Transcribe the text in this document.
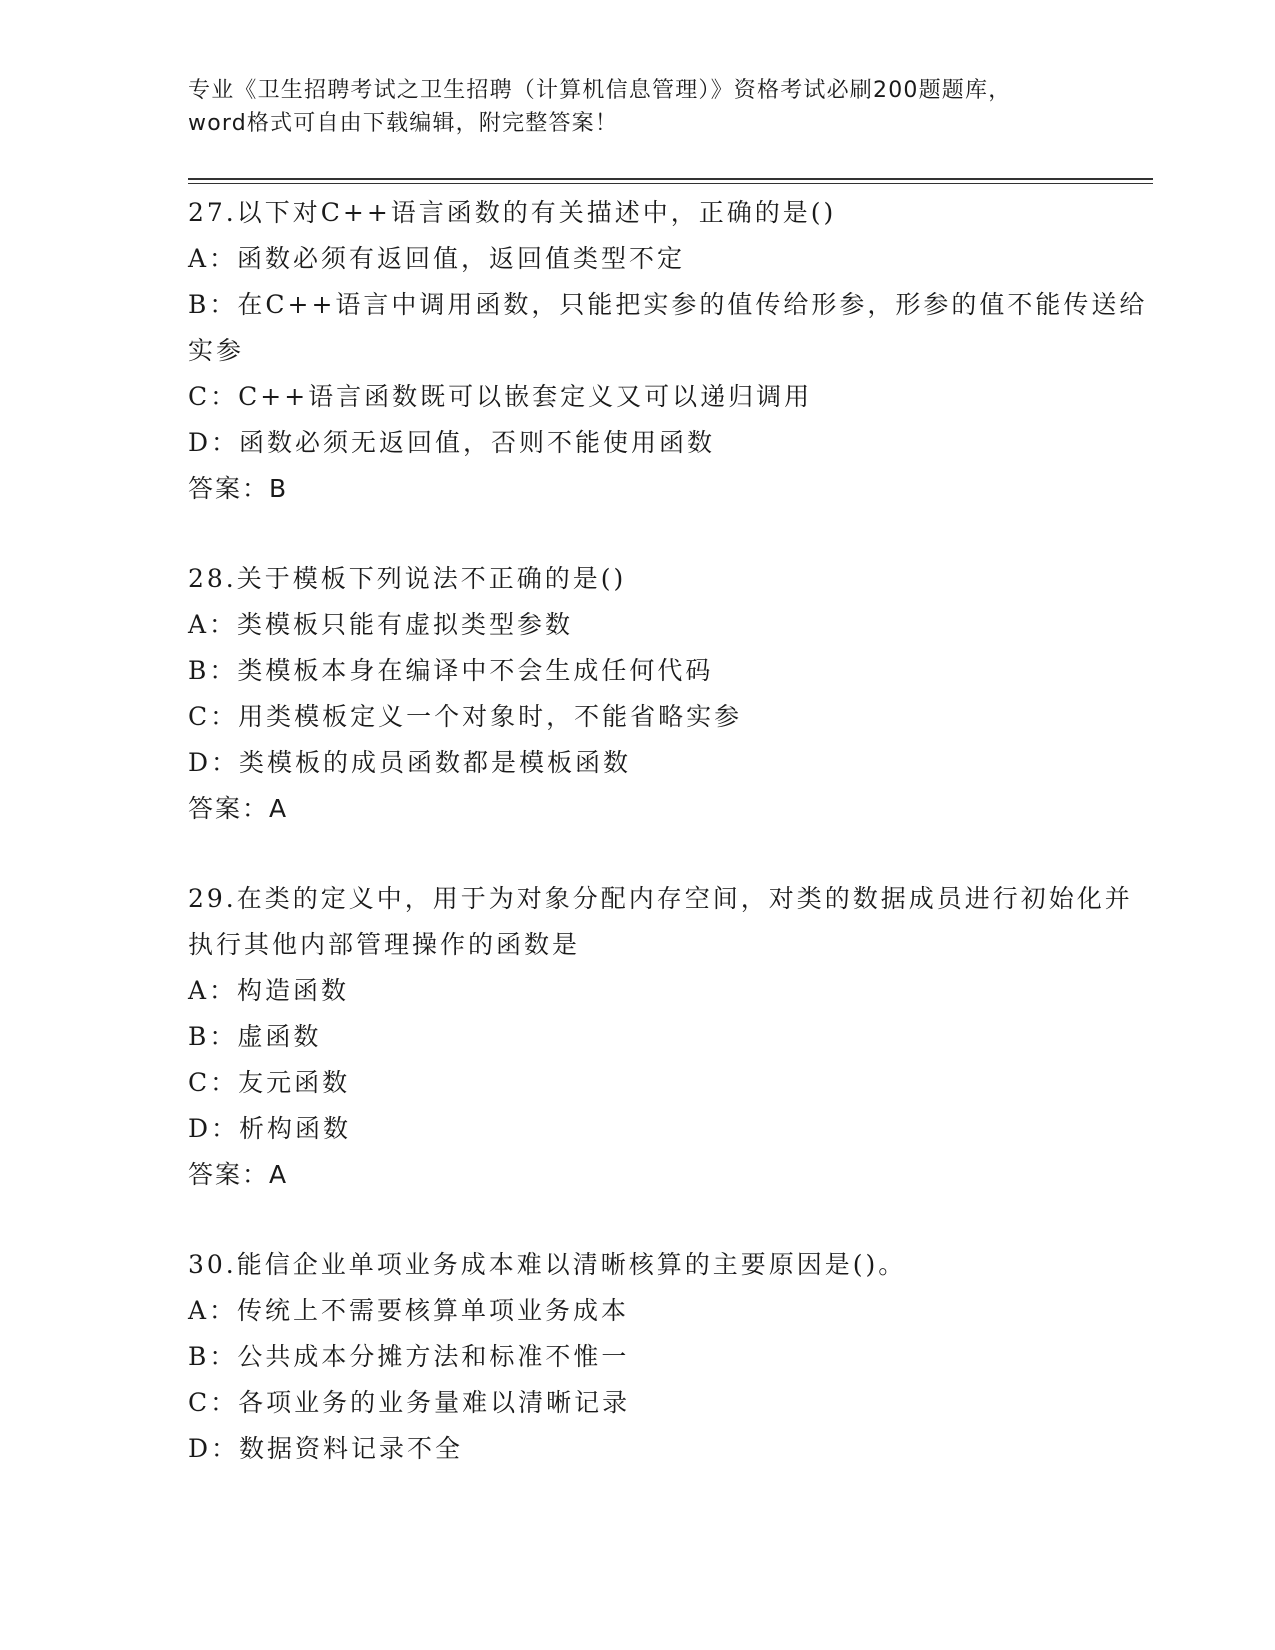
专业《卫生招聘考试之卫生招聘（计算机信息管理）》资格考试必刷200题题库，

word格式可自由下载编辑，附完整答案！

27.以下对C++语言函数的有关描述中，正确的是()

A：函数必须有返回值，返回值类型不定

B：在C++语言中调用函数，只能把实参的值传给形参，形参的值不能传送给实参

C：C++语言函数既可以嵌套定义又可以递归调用

D：函数必须无返回值，否则不能使用函数

答案：B

28.关于模板下列说法不正确的是()

A：类模板只能有虚拟类型参数

B：类模板本身在编译中不会生成任何代码

C：用类模板定义一个对象时，不能省略实参

D：类模板的成员函数都是模板函数

答案：A

29.在类的定义中，用于为对象分配内存空间，对类的数据成员进行初始化并执行其他内部管理操作的函数是

A：构造函数

B：虚函数

C：友元函数

D：析构函数

答案：A

30.能信企业单项业务成本难以清晰核算的主要原因是()。

A：传统上不需要核算单项业务成本

B：公共成本分摊方法和标准不惟一

C：各项业务的业务量难以清晰记录

D：数据资料记录不全
